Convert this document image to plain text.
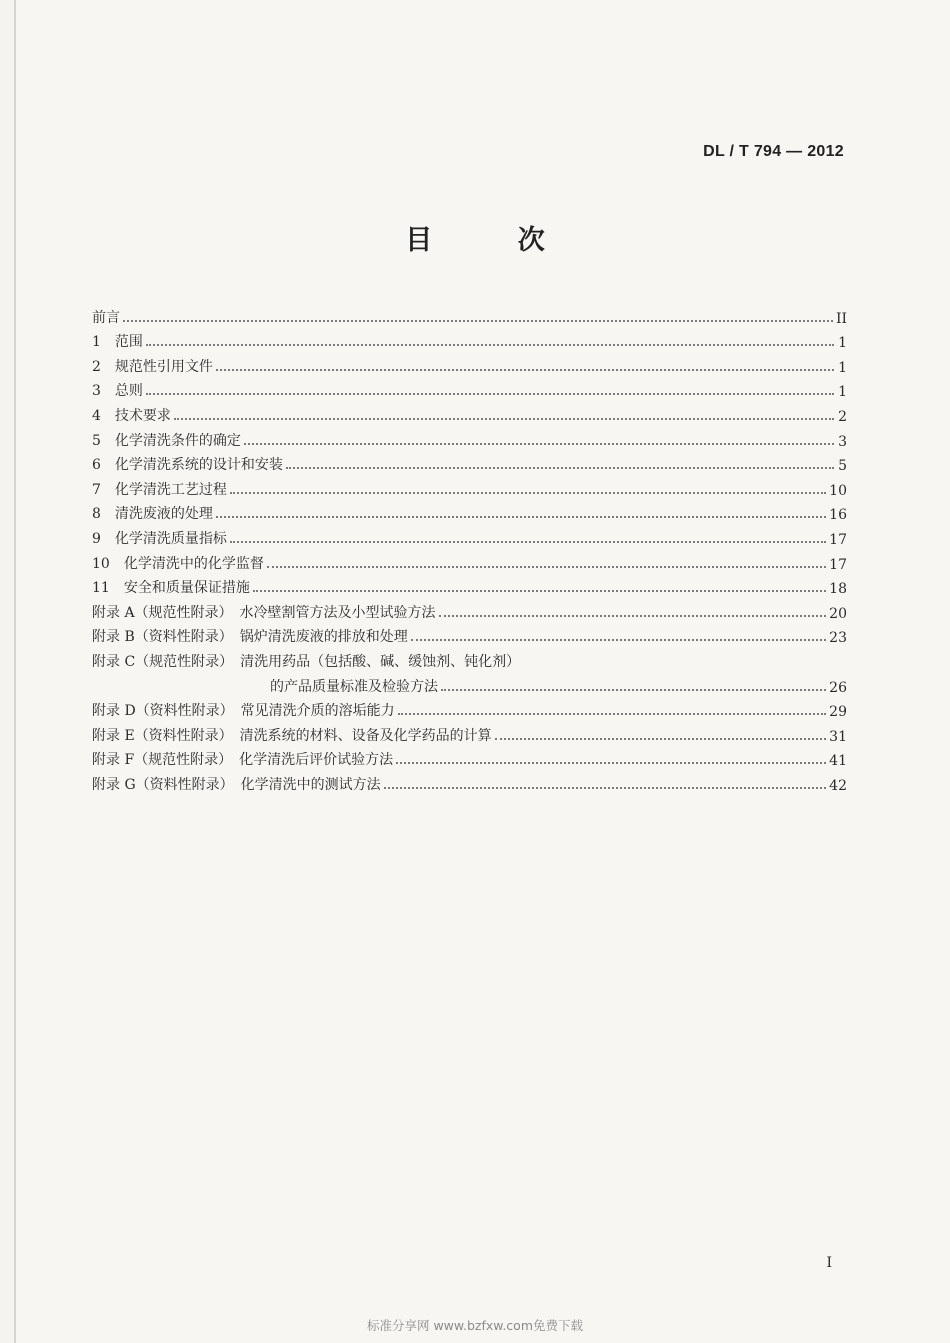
DL / T 794 — 2012
目 次
前言	II
1　范围	1
2　规范性引用文件	1
3　总则	1
4　技术要求	2
5　化学清洗条件的确定	3
6　化学清洗系统的设计和安装	5
7　化学清洗工艺过程	10
8　清洗废液的处理	16
9　化学清洗质量指标	17
10　化学清洗中的化学监督	17
11　安全和质量保证措施	18
附录 A（规范性附录）　水冷壁割管方法及小型试验方法	20
附录 B（资料性附录）　锅炉清洗废液的排放和处理	23
附录 C（规范性附录）　清洗用药品（包括酸、碱、缓蚀剂、钝化剂）
的产品质量标准及检验方法	26
附录 D（资料性附录）　常见清洗介质的溶垢能力	29
附录 E（资料性附录）　清洗系统的材料、设备及化学药品的计算	31
附录 F（规范性附录）　化学清洗后评价试验方法	41
附录 G（资料性附录）　化学清洗中的测试方法	42
I
标准分享网 www.bzfxw.com免费下载
